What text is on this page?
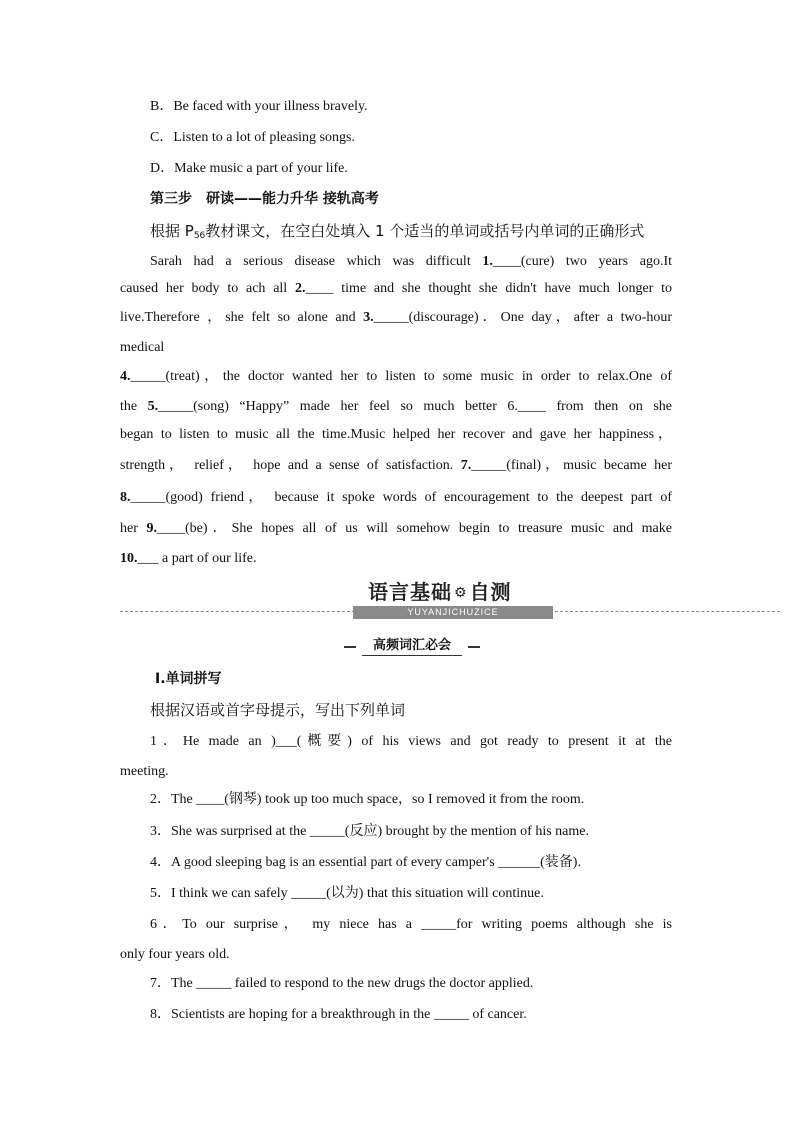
B．Be faced with your illness bravely.
C．Listen to a lot of pleasing songs.
D．Make music a part of your life.
第三步　研读——能力升华 接轨高考
根据 $P_{56}$教材课文，在空白处填入 1 个适当的单词或括号内单词的正确形式
Sarah had a serious disease which was difficult 1.____(cure) two years ago.It
caused her body to ach all 2.____ time and she thought she didn't have much longer to
live.Therefore ，she felt so alone and 3._____(discourage)．One day，after a two-hour
medical
4._____(treat)，the doctor wanted her to listen to some music in order to relax.One of
the 5._____(song) “Happy” made her feel so much better 6.____ from then on she
began to listen to music all the time.Music helped her recover and gave her happiness，
strength， relief， hope and a sense of satisfaction. 7._____(final)，music became her
8._____(good) friend， because it spoke words of encouragement to the deepest part of
her 9.____(be)．She hopes all of us will somehow begin to treasure music and make
10.___ a part of our life.
语言基础 ⚙ 自测
YUYANJICHUZICE
高频词汇必会
Ⅰ.单词拼写
根据汉语或首字母提示，写出下列单词
1．He made an )___(概要) of his views and got ready to present it at the
meeting.
2．The ____(钢琴) took up too much space，so I removed it from the room.
3．She was surprised at the _____(反应) brought by the mention of his name.
4．A good sleeping bag is an essential part of every camper's ______(装备).
5．I think we can safely _____(以为) that this situation will continue.
6．To our surprise， my niece has a _____for writing poems although she is
only four years old.
7．The _____ failed to respond to the new drugs the doctor applied.
8．Scientists are hoping for a breakthrough in the _____ of cancer.
